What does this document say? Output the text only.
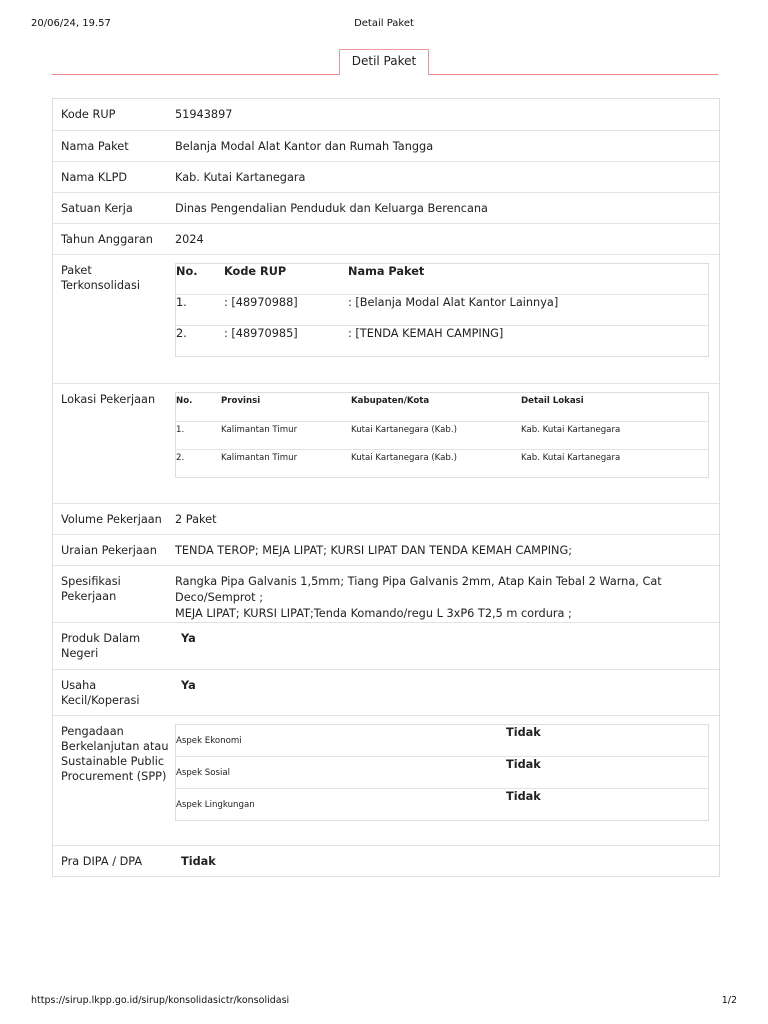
20/06/24, 19.57	Detail Paket
Detil Paket
Kode RUP	51943897
Nama Paket	Belanja Modal Alat Kantor dan Rumah Tangga
Nama KLPD	Kab. Kutai Kartanegara
Satuan Kerja	Dinas Pengendalian Penduduk dan Keluarga Berencana
Tahun Anggaran	2024

Paket
Terkonsolidasi

No.	Kode RUP	Nama Paket
1.	: [48970988]	: [Belanja Modal Alat Kantor Lainnya]
2.	: [48970985]	: [TENDA KEMAH CAMPING]

Lokasi Pekerjaan	No.	Provinsi	Kabupaten/Kota	Detail Lokasi
1.	Kalimantan Timur	Kutai Kartanegara (Kab.)	Kab. Kutai Kartanegara
2.	Kalimantan Timur	Kutai Kartanegara (Kab.)	Kab. Kutai Kartanegara

Volume Pekerjaan	2 Paket
Uraian Pekerjaan	TENDA TEROP; MEJA LIPAT; KURSI LIPAT DAN TENDA KEMAH CAMPING;

Spesifikasi
Pekerjaan

Rangka Pipa Galvanis 1,5mm; Tiang Pipa Galvanis 2mm, Atap Kain Tebal 2 Warna, Cat Deco/Semprot ;
MEJA LIPAT; KURSI LIPAT;Tenda Komando/regu L 3xP6 T2,5 m cordura ;

Produk Dalam
Negeri
	Ya

Usaha
Kecil/Koperasi
	Ya

Pengadaan
Berkelanjutan atau
Sustainable Public
Procurement (SPP)

Aspek Ekonomi	Tidak
Aspek Sosial	Tidak
Aspek Lingkungan	Tidak

Pra DIPA / DPA	Tidak
https://sirup.lkpp.go.id/sirup/konsolidasictr/konsolidasi	1/2
